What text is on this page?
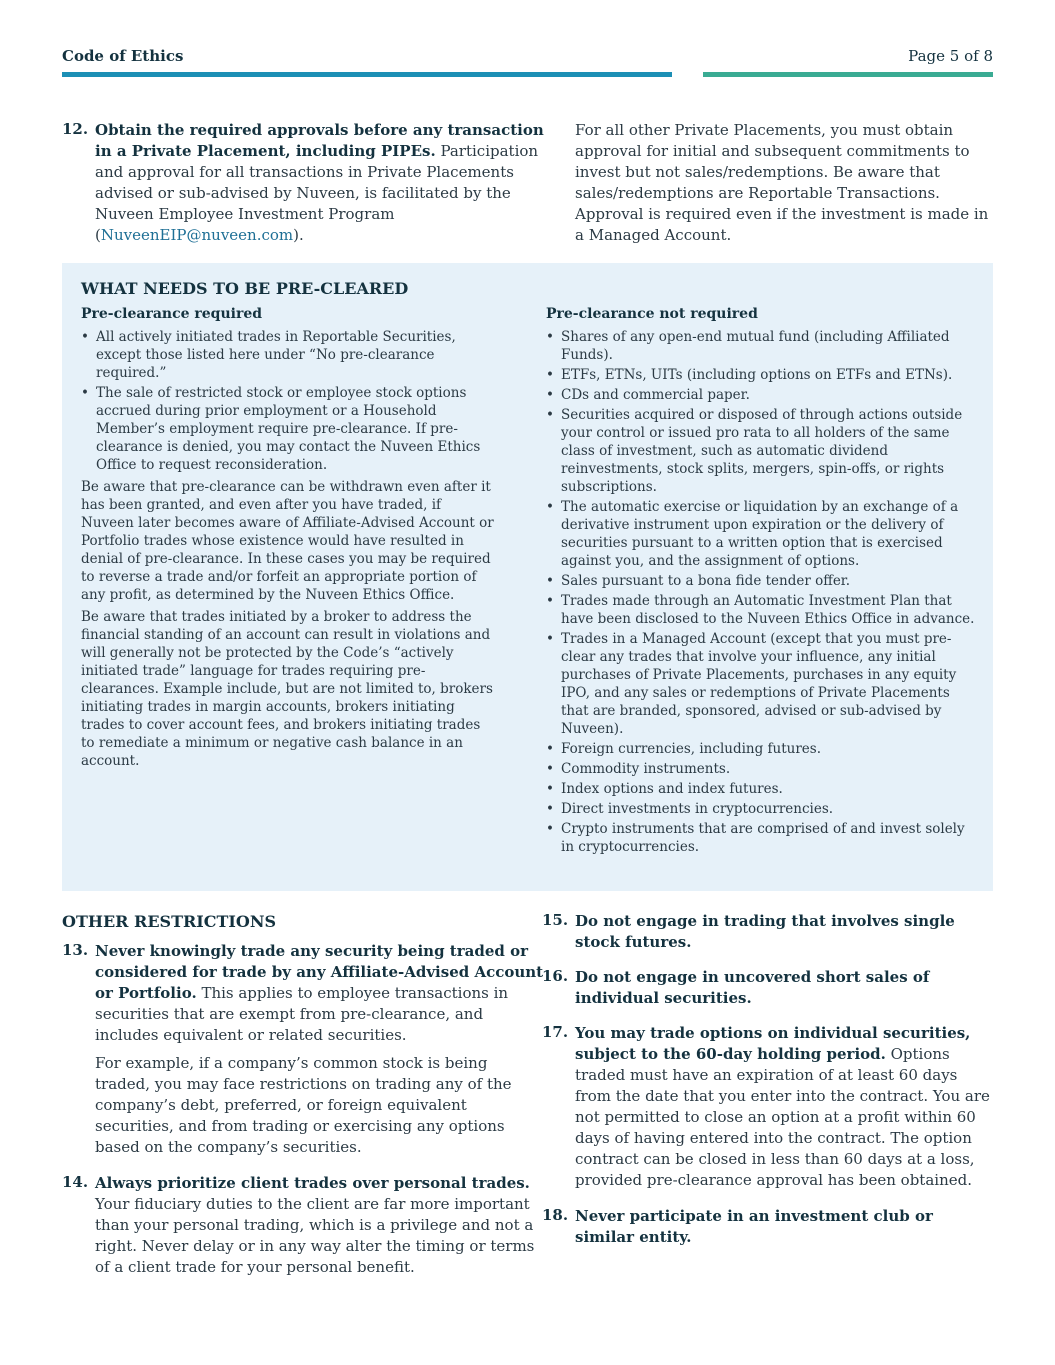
Code of Ethics	Page 5 of 8
12. Obtain the required approvals before any transaction in a Private Placement, including PIPEs. Participation and approval for all transactions in Private Placements advised or sub-advised by Nuveen, is facilitated by the Nuveen Employee Investment Program (NuveenEIP@nuveen.com).

For all other Private Placements, you must obtain approval for initial and subsequent commitments to invest but not sales/redemptions. Be aware that sales/redemptions are Reportable Transactions. Approval is required even if the investment is made in a Managed Account.

WHAT NEEDS TO BE PRE-CLEARED

Pre-clearance required

• All actively initiated trades in Reportable Securities, except those listed here under “No pre-clearance required.”
• The sale of restricted stock or employee stock options accrued during prior employment or a Household Member’s employment require pre-clearance. If pre-clearance is denied, you may contact the Nuveen Ethics Office to request reconsideration.

Be aware that pre-clearance can be withdrawn even after it has been granted, and even after you have traded, if Nuveen later becomes aware of Affiliate-Advised Account or Portfolio trades whose existence would have resulted in denial of pre-clearance. In these cases you may be required to reverse a trade and/or forfeit an appropriate portion of any profit, as determined by the Nuveen Ethics Office.

Be aware that trades initiated by a broker to address the financial standing of an account can result in violations and will generally not be protected by the Code’s “actively initiated trade” language for trades requiring pre-clearances. Example include, but are not limited to, brokers initiating trades in margin accounts, brokers initiating trades to cover account fees, and brokers initiating trades to remediate a minimum or negative cash balance in an account.

Pre-clearance not required

• Shares of any open-end mutual fund (including Affiliated Funds).
• ETFs, ETNs, UITs (including options on ETFs and ETNs).
• CDs and commercial paper.
• Securities acquired or disposed of through actions outside your control or issued pro rata to all holders of the same class of investment, such as automatic dividend reinvestments, stock splits, mergers, spin-offs, or rights subscriptions.
• The automatic exercise or liquidation by an exchange of a derivative instrument upon expiration or the delivery of securities pursuant to a written option that is exercised against you, and the assignment of options.
• Sales pursuant to a bona fide tender offer.
• Trades made through an Automatic Investment Plan that have been disclosed to the Nuveen Ethics Office in advance.
• Trades in a Managed Account (except that you must pre-clear any trades that involve your influence, any initial purchases of Private Placements, purchases in any equity IPO, and any sales or redemptions of Private Placements that are branded, sponsored, advised or sub-advised by Nuveen).
• Foreign currencies, including futures.
• Commodity instruments.
• Index options and index futures.
• Direct investments in cryptocurrencies.
• Crypto instruments that are comprised of and invest solely in cryptocurrencies.

OTHER RESTRICTIONS

13. Never knowingly trade any security being traded or considered for trade by any Affiliate-Advised Account or Portfolio. This applies to employee transactions in securities that are exempt from pre-clearance, and includes equivalent or related securities.

For example, if a company’s common stock is being traded, you may face restrictions on trading any of the company’s debt, preferred, or foreign equivalent securities, and from trading or exercising any options based on the company’s securities.

14. Always prioritize client trades over personal trades. Your fiduciary duties to the client are far more important than your personal trading, which is a privilege and not a right. Never delay or in any way alter the timing or terms of a client trade for your personal benefit.

15. Do not engage in trading that involves single stock futures.

16. Do not engage in uncovered short sales of individual securities.

17. You may trade options on individual securities, subject to the 60-day holding period. Options traded must have an expiration of at least 60 days from the date that you enter into the contract. You are not permitted to close an option at a profit within 60 days of having entered into the contract. The option contract can be closed in less than 60 days at a loss, provided pre-clearance approval has been obtained.

18. Never participate in an investment club or similar entity.
